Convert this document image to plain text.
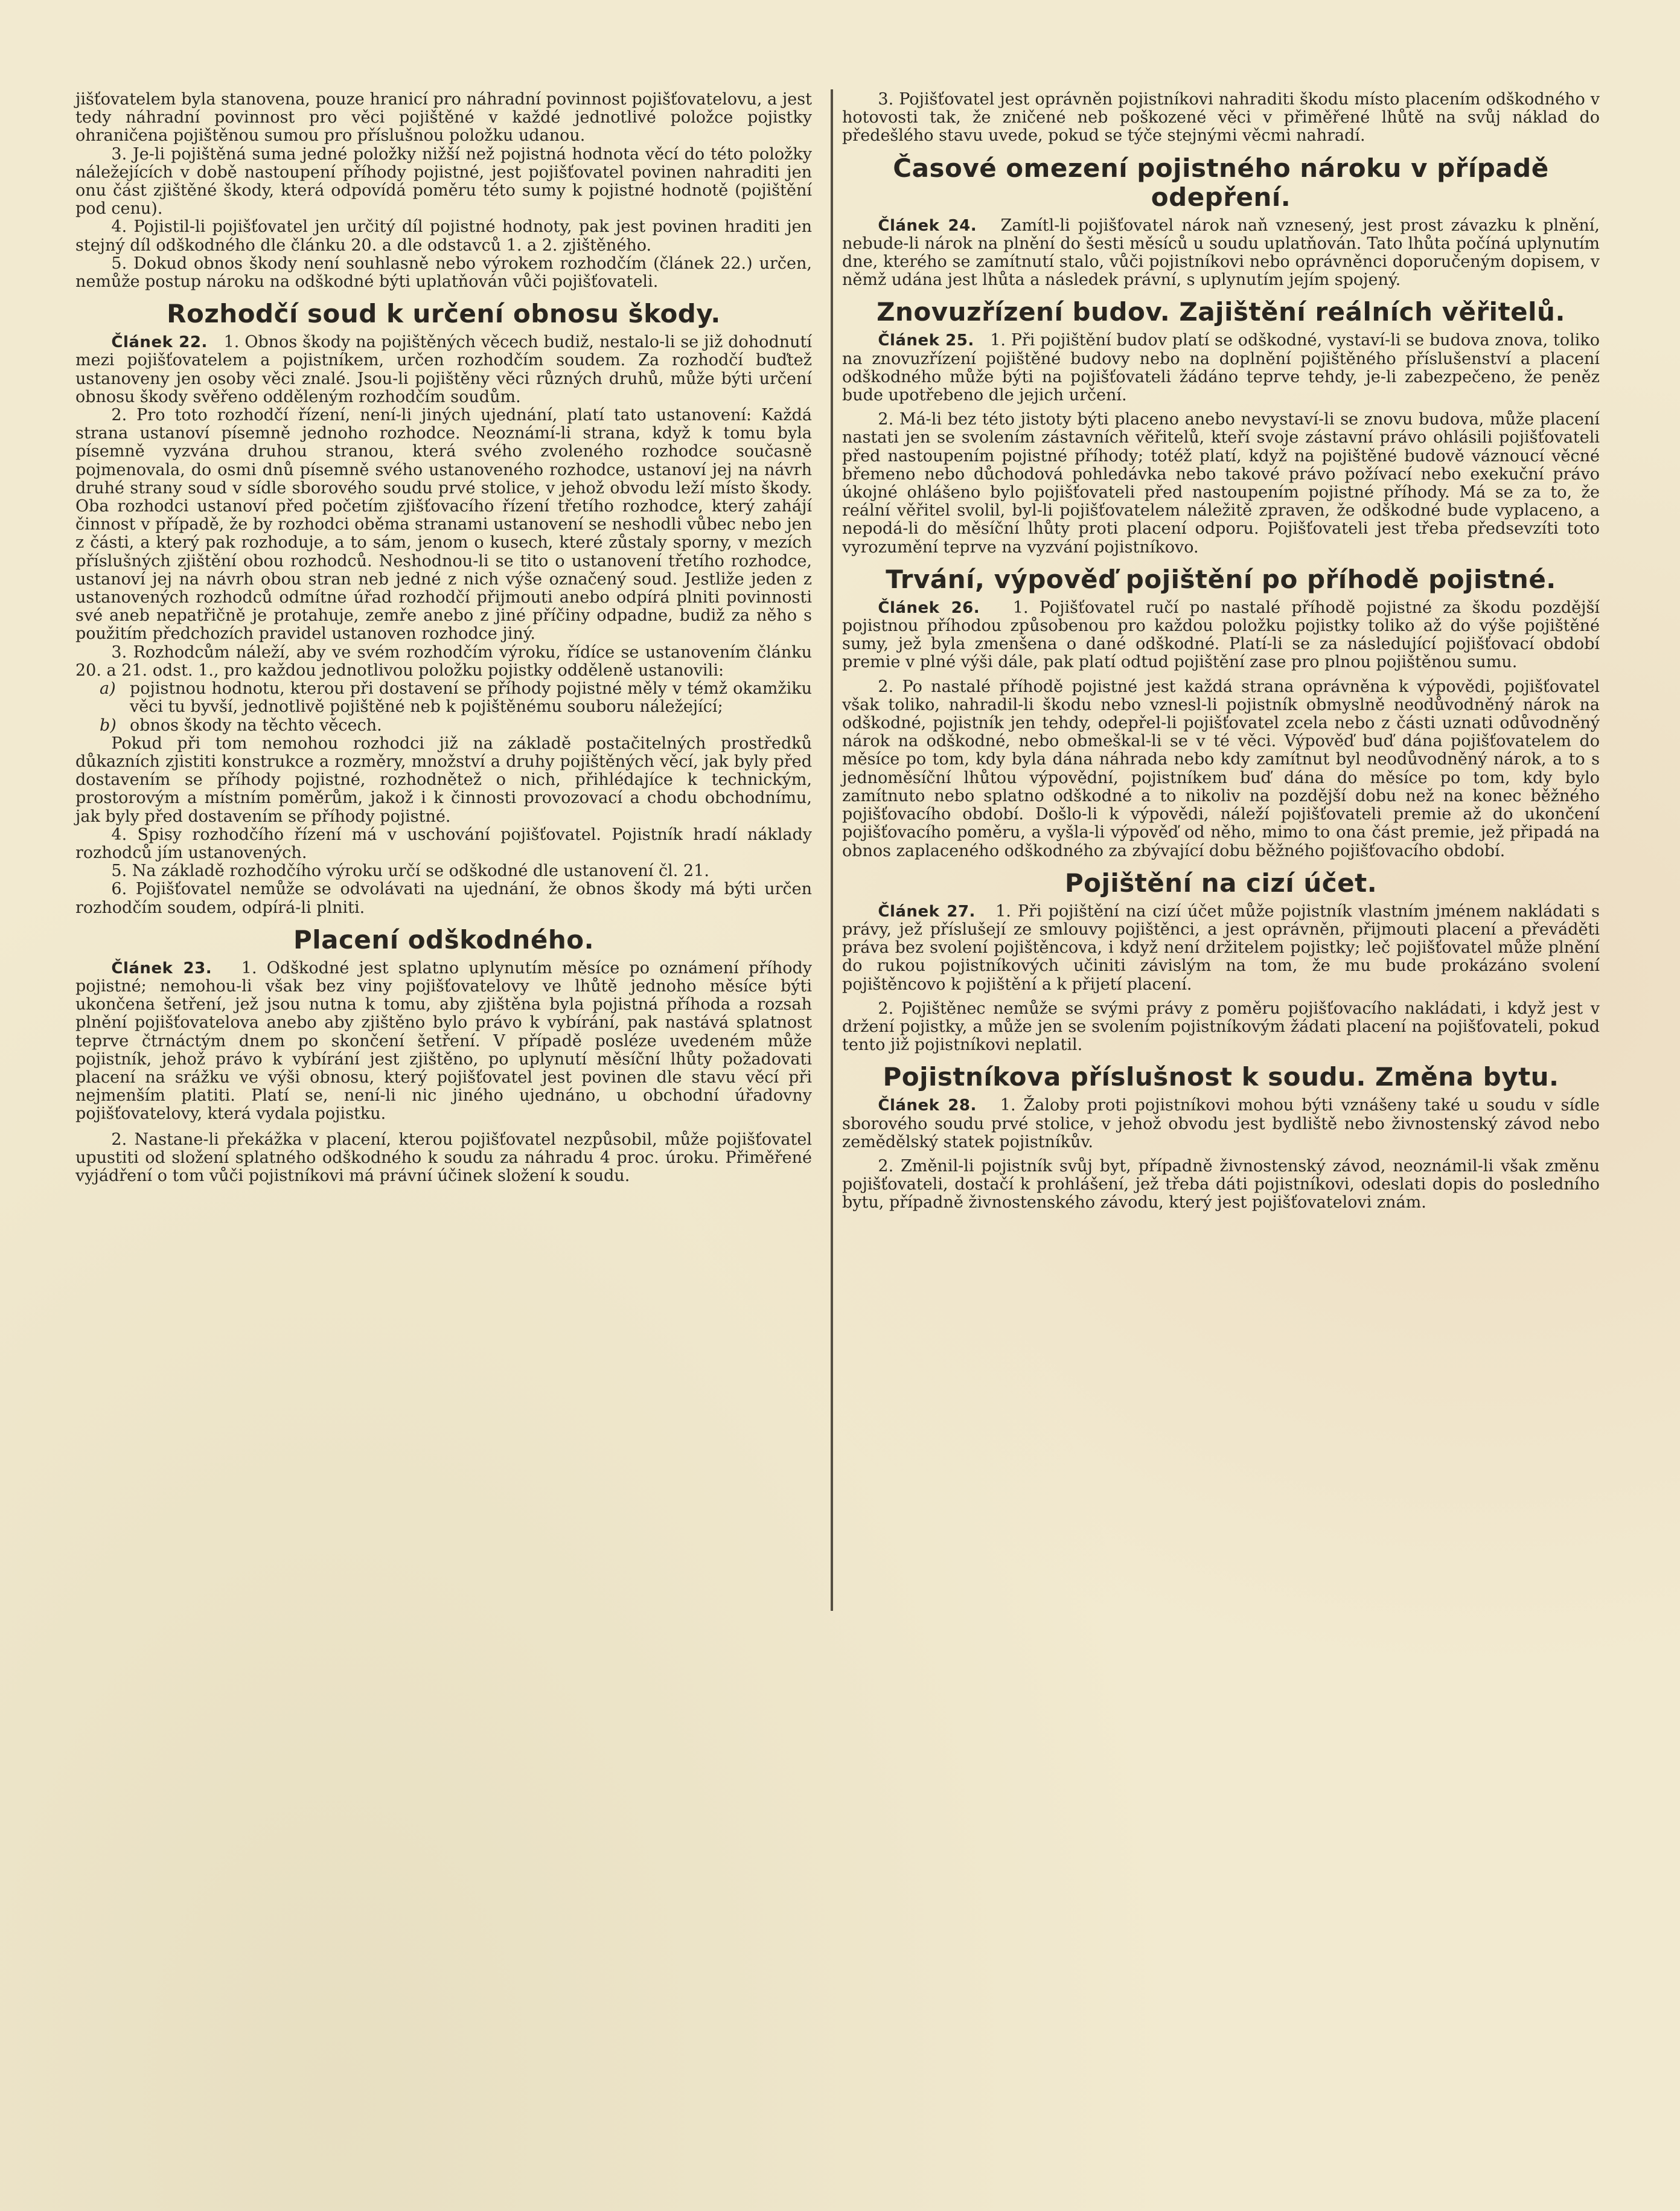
jišťovatelem byla stanovena, pouze hranicí pro náhradní povinnost pojišťovatelovu, a jest tedy náhradní povinnost pro věci pojištěné v každé jednotlivé položce pojistky ohraničena pojištěnou sumou pro příslušnou položku udanou.

3. Je-li pojištěná suma jedné položky nižší než pojistná hodnota věcí do této položky náležejících v době nastoupení příhody pojistné, jest pojišťovatel povinen nahraditi jen onu část zjištěné škody, která odpovídá poměru této sumy k pojistné hodnotě (pojištění pod cenu).

4. Pojistil-li pojišťovatel jen určitý díl pojistné hodnoty, pak jest povinen hraditi jen stejný díl odškodného dle článku 20. a dle odstavců 1. a 2. zjištěného.

5. Dokud obnos škody není souhlasně nebo výrokem rozhodčím (článek 22.) určen, nemůže postup nároku na odškodné býti uplatňován vůči pojišťovateli.

Rozhodčí soud k určení obnosu škody.

Článek 22. 1. Obnos škody na pojištěných věcech budiž, nestalo-li se již dohodnutí mezi pojišťovatelem a pojistníkem, určen rozhodčím soudem. Za rozhodčí buďtež ustanoveny jen osoby věci znalé. Jsou-li pojištěny věci různých druhů, může býti určení obnosu škody svěřeno odděleným rozhodčím soudům.

2. Pro toto rozhodčí řízení, není-li jiných ujednání, platí tato ustanovení: Každá strana ustanoví písemně jednoho rozhodce. Neoznámí-li strana, když k tomu byla písemně vyzvána druhou stranou, která svého zvoleného rozhodce současně pojmenovala, do osmi dnů písemně svého ustanoveného rozhodce, ustanoví jej na návrh druhé strany soud v sídle sborového soudu prvé stolice, v jehož obvodu leží místo škody. Oba rozhodci ustanoví před početím zjišťovacího řízení třetího rozhodce, který zahájí činnost v případě, že by rozhodci oběma stranami ustanovení se neshodli vůbec nebo jen z části, a který pak rozhoduje, a to sám, jenom o kusech, které zůstaly sporny, v mezích příslušných zjištění obou rozhodců. Neshodnou-li se tito o ustanovení třetího rozhodce, ustanoví jej na návrh obou stran neb jedné z nich výše označený soud. Jestliže jeden z ustanovených rozhodců odmítne úřad rozhodčí přijmouti anebo odpírá plniti povinnosti své aneb nepatřičně je protahuje, zemře anebo z jiné příčiny odpadne, budiž za něho s použitím předchozích pravidel ustanoven rozhodce jiný.

3. Rozhodcům náleží, aby ve svém rozhodčím výroku, řídíce se ustanovením článku 20. a 21. odst. 1., pro každou jednotlivou položku pojistky odděleně ustanovili:

a) pojistnou hodnotu, kterou při dostavení se příhody pojistné měly v témž okamžiku věci tu byvší, jednotlivě pojištěné neb k pojištěnému souboru náležející;
b) obnos škody na těchto věcech.

Pokud při tom nemohou rozhodci již na základě postačitelných prostředků důkazních zjistiti konstrukce a rozměry, množství a druhy pojištěných věcí, jak byly před dostavením se příhody pojistné, rozhodnětež o nich, přihlédajíce k technickým, prostorovým a místním poměrům, jakož i k činnosti provozovací a chodu obchodnímu, jak byly před dostavením se příhody pojistné.

4. Spisy rozhodčího řízení má v uschování pojišťovatel. Pojistník hradí náklady rozhodců jím ustanovených.

5. Na základě rozhodčího výroku určí se odškodné dle ustanovení čl. 21.

6. Pojišťovatel nemůže se odvolávati na ujednání, že obnos škody má býti určen rozhodčím soudem, odpírá-li plniti.

Placení odškodného.

Článek 23. 1. Odškodné jest splatno uplynutím měsíce po oznámení příhody pojistné; nemohou-li však bez viny pojišťovatelovy ve lhůtě jednoho měsíce býti ukončena šetření, jež jsou nutna k tomu, aby zjištěna byla pojistná příhoda a rozsah plnění pojišťovatelova anebo aby zjištěno bylo právo k vybírání, pak nastává splatnost teprve čtrnáctým dnem po skončení šetření. V případě posléze uvedeném může pojistník, jehož právo k vybírání jest zjištěno, po uplynutí měsíční lhůty požadovati placení na srážku ve výši obnosu, který pojišťovatel jest povinen dle stavu věcí při nejmenším platiti. Platí se, není-li nic jiného ujednáno, u obchodní úřadovny pojišťovatelovy, která vydala pojistku.

2. Nastane-li překážka v placení, kterou pojišťovatel nezpůsobil, může pojišťovatel upustiti od složení splatného odškodného k soudu za náhradu 4 proc. úroku. Přiměřené vyjádření o tom vůči pojistníkovi má právní účinek složení k soudu.

3. Pojišťovatel jest oprávněn pojistníkovi nahraditi škodu místo placením odškodného v hotovosti tak, že zničené neb poškozené věci v přiměřené lhůtě na svůj náklad do předešlého stavu uvede, pokud se týče stejnými věcmi nahradí.

Časové omezení pojistného nároku v případě odepření.

Článek 24. Zamítl-li pojišťovatel nárok naň vznesený, jest prost závazku k plnění, nebude-li nárok na plnění do šesti měsíců u soudu uplatňován. Tato lhůta počíná uplynutím dne, kterého se zamítnutí stalo, vůči pojistníkovi nebo oprávněnci doporučeným dopisem, v němž udána jest lhůta a následek právní, s uplynutím jejím spojený.

Znovuzřízení budov. Zajištění reálních věřitelů.

Článek 25. 1. Při pojištění budov platí se odškodné, vystaví-li se budova znova, toliko na znovuzřízení pojištěné budovy nebo na doplnění pojištěného příslušenství a placení odškodného může býti na pojišťovateli žádáno teprve tehdy, je-li zabezpečeno, že peněz bude upotřebeno dle jejich určení.

2. Má-li bez této jistoty býti placeno anebo nevystaví-li se znovu budova, může placení nastati jen se svolením zástavních věřitelů, kteří svoje zástavní právo ohlásili pojišťovateli před nastoupením pojistné příhody; totéž platí, když na pojištěné budově váznoucí věcné břemeno nebo důchodová pohledávka nebo takové právo požívací nebo exekuční právo úkojné ohlášeno bylo pojišťovateli před nastoupením pojistné příhody. Má se za to, že reální věřitel svolil, byl-li pojišťovatelem náležitě zpraven, že odškodné bude vyplaceno, a nepodá-li do měsíční lhůty proti placení odporu. Pojišťovateli jest třeba předsevzíti toto vyrozumění teprve na vyzvání pojistníkovo.

Trvání, výpověď pojištění po příhodě pojistné.

Článek 26. 1. Pojišťovatel ručí po nastalé příhodě pojistné za škodu pozdější pojistnou příhodou způsobenou pro každou položku pojistky toliko až do výše pojištěné sumy, jež byla zmenšena o dané odškodné. Platí-li se za následující pojišťovací období premie v plné výši dále, pak platí odtud pojištění zase pro plnou pojištěnou sumu.

2. Po nastalé příhodě pojistné jest každá strana oprávněna k výpovědi, pojišťovatel však toliko, nahradil-li škodu nebo vznesl-li pojistník obmyslně neodůvodněný nárok na odškodné, pojistník jen tehdy, odepřel-li pojišťovatel zcela nebo z části uznati odůvodněný nárok na odškodné, nebo obmeškal-li se v té věci. Výpověď buď dána pojišťovatelem do měsíce po tom, kdy byla dána náhrada nebo kdy zamítnut byl neodůvodněný nárok, a to s jednoměsíční lhůtou výpovědní, pojistníkem buď dána do měsíce po tom, kdy bylo zamítnuto nebo splatno odškodné a to nikoliv na pozdější dobu než na konec běžného pojišťovacího období. Došlo-li k výpovědi, náleží pojišťovateli premie až do ukončení pojišťovacího poměru, a vyšla-li výpověď od něho, mimo to ona část premie, jež připadá na obnos zaplaceného odškodného za zbývající dobu běžného pojišťovacího období.

Pojištění na cizí účet.

Článek 27. 1. Při pojištění na cizí účet může pojistník vlastním jménem nakládati s právy, jež příslušejí ze smlouvy pojištěnci, a jest oprávněn, přijmouti placení a převáděti práva bez svolení pojištěncova, i když není držitelem pojistky; leč pojišťovatel může plnění do rukou pojistníkových učiniti závislým na tom, že mu bude prokázáno svolení pojištěncovo k pojištění a k přijetí placení.

2. Pojištěnec nemůže se svými právy z poměru pojišťovacího nakládati, i když jest v držení pojistky, a může jen se svolením pojistníkovým žádati placení na pojišťovateli, pokud tento již pojistníkovi neplatil.

Pojistníkova příslušnost k soudu. Změna bytu.

Článek 28. 1. Žaloby proti pojistníkovi mohou býti vznášeny také u soudu v sídle sborového soudu prvé stolice, v jehož obvodu jest bydliště nebo živnostenský závod nebo zemědělský statek pojistníkův.

2. Změnil-li pojistník svůj byt, případně živnostenský závod, neoznámil-li však změnu pojišťovateli, dostačí k prohlášení, jež třeba dáti pojistníkovi, odeslati dopis do posledního bytu, případně živnostenského závodu, který jest pojišťovatelovi znám.
